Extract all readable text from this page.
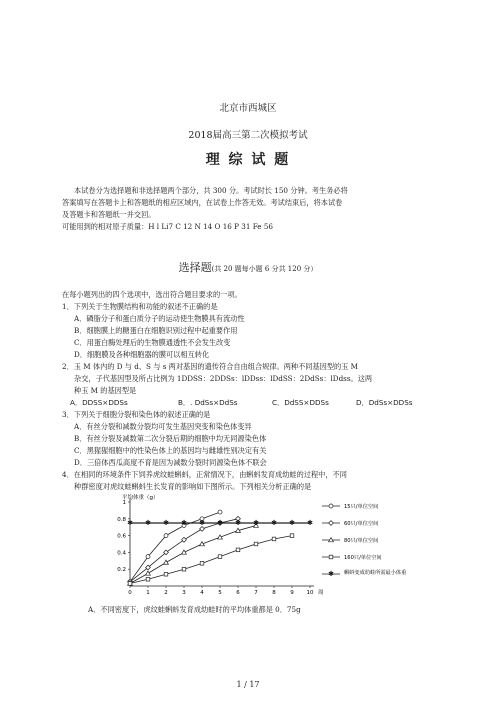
北京市西城区
2018届高三第二次模拟考试
理 综 试 题
本试卷分为选择题和非选择题两个部分，共 300 分。考试时长 150 分钟。考生务必将
答案填写在答题卡上和答题纸的相应区域内，在试卷上作答无效。考试结束后，将本试卷
及答题卡和答题纸一并交回。
可能用到的相对原子质量：H l Li7 C 12 N 14 O 16 P 31 Fe 56
选择题(共 20 题每小题 6 分共 120 分）
在每小题列出的四个选项中，选出符合题目要求的一项。
1．下列关于生物膜结构和功能的叙述不正确的是
A．磷脂分子和蛋白质分子的运动使生物膜具有流动性
B．细胞膜上的糖蛋白在细胞识别过程中起重要作用
C．用蛋白酶处理后的生物膜通透性不会发生改变
D．细胞膜及各种细胞器的膜可以相互转化
2．玉 M 体内的 D 与 d、S 与 s 两对基因的遗传符合自由组合规律。两种不同基因型的玉 M
杂交，子代基因型及所占比例为 1DDSS：2DDSs：lDDss：lDdSS：2DdSs：lDdss。这两
种玉 M 的基因型是
A．DDSS×DDSs	B．. DdSs×DdSs	C．DdSS×DDSs	D．DdSs×DDSs
3．下列关于细胞分裂和染色体的叙述正确的是
A．有丝分裂和减数分裂均可发生基因突变和染色体变异
B．有丝分裂及减数第二次分裂后期的细胞中均无同源染色体
C．黑猩猩细胞中的性染色体上的基因均与雌雄性别决定有关
D．三倍体西瓜高度不育是因为减数分裂时同源染色体不联会
4．在相同的环境条件下饲养虎纹蛙蝌蚪，正常情况下，由蝌蚪发育成幼蛙的过程中，不同
种群密度对虎纹蛙蝌蚪生长发育的影响如下图所示。下列相关分析正确的是
平均体重（g）
0.2
0.4
0.6
0.8
1
0	1	2	3	4	5	6	7	8	9 10 周
15只/单位空间
60只/单位空间
80只/单位空间
160只/单位空间
✱ ✱ ✱ ✱ ✱ ✱ ✱ ✱ ✱ ✱ ✱
✱ 蝌蚪变成幼蛙所需最小体重
A．不同密度下，虎纹蛙蝌蚪发育成幼蛙时的平均体重都是 0．75g
1 / 17
